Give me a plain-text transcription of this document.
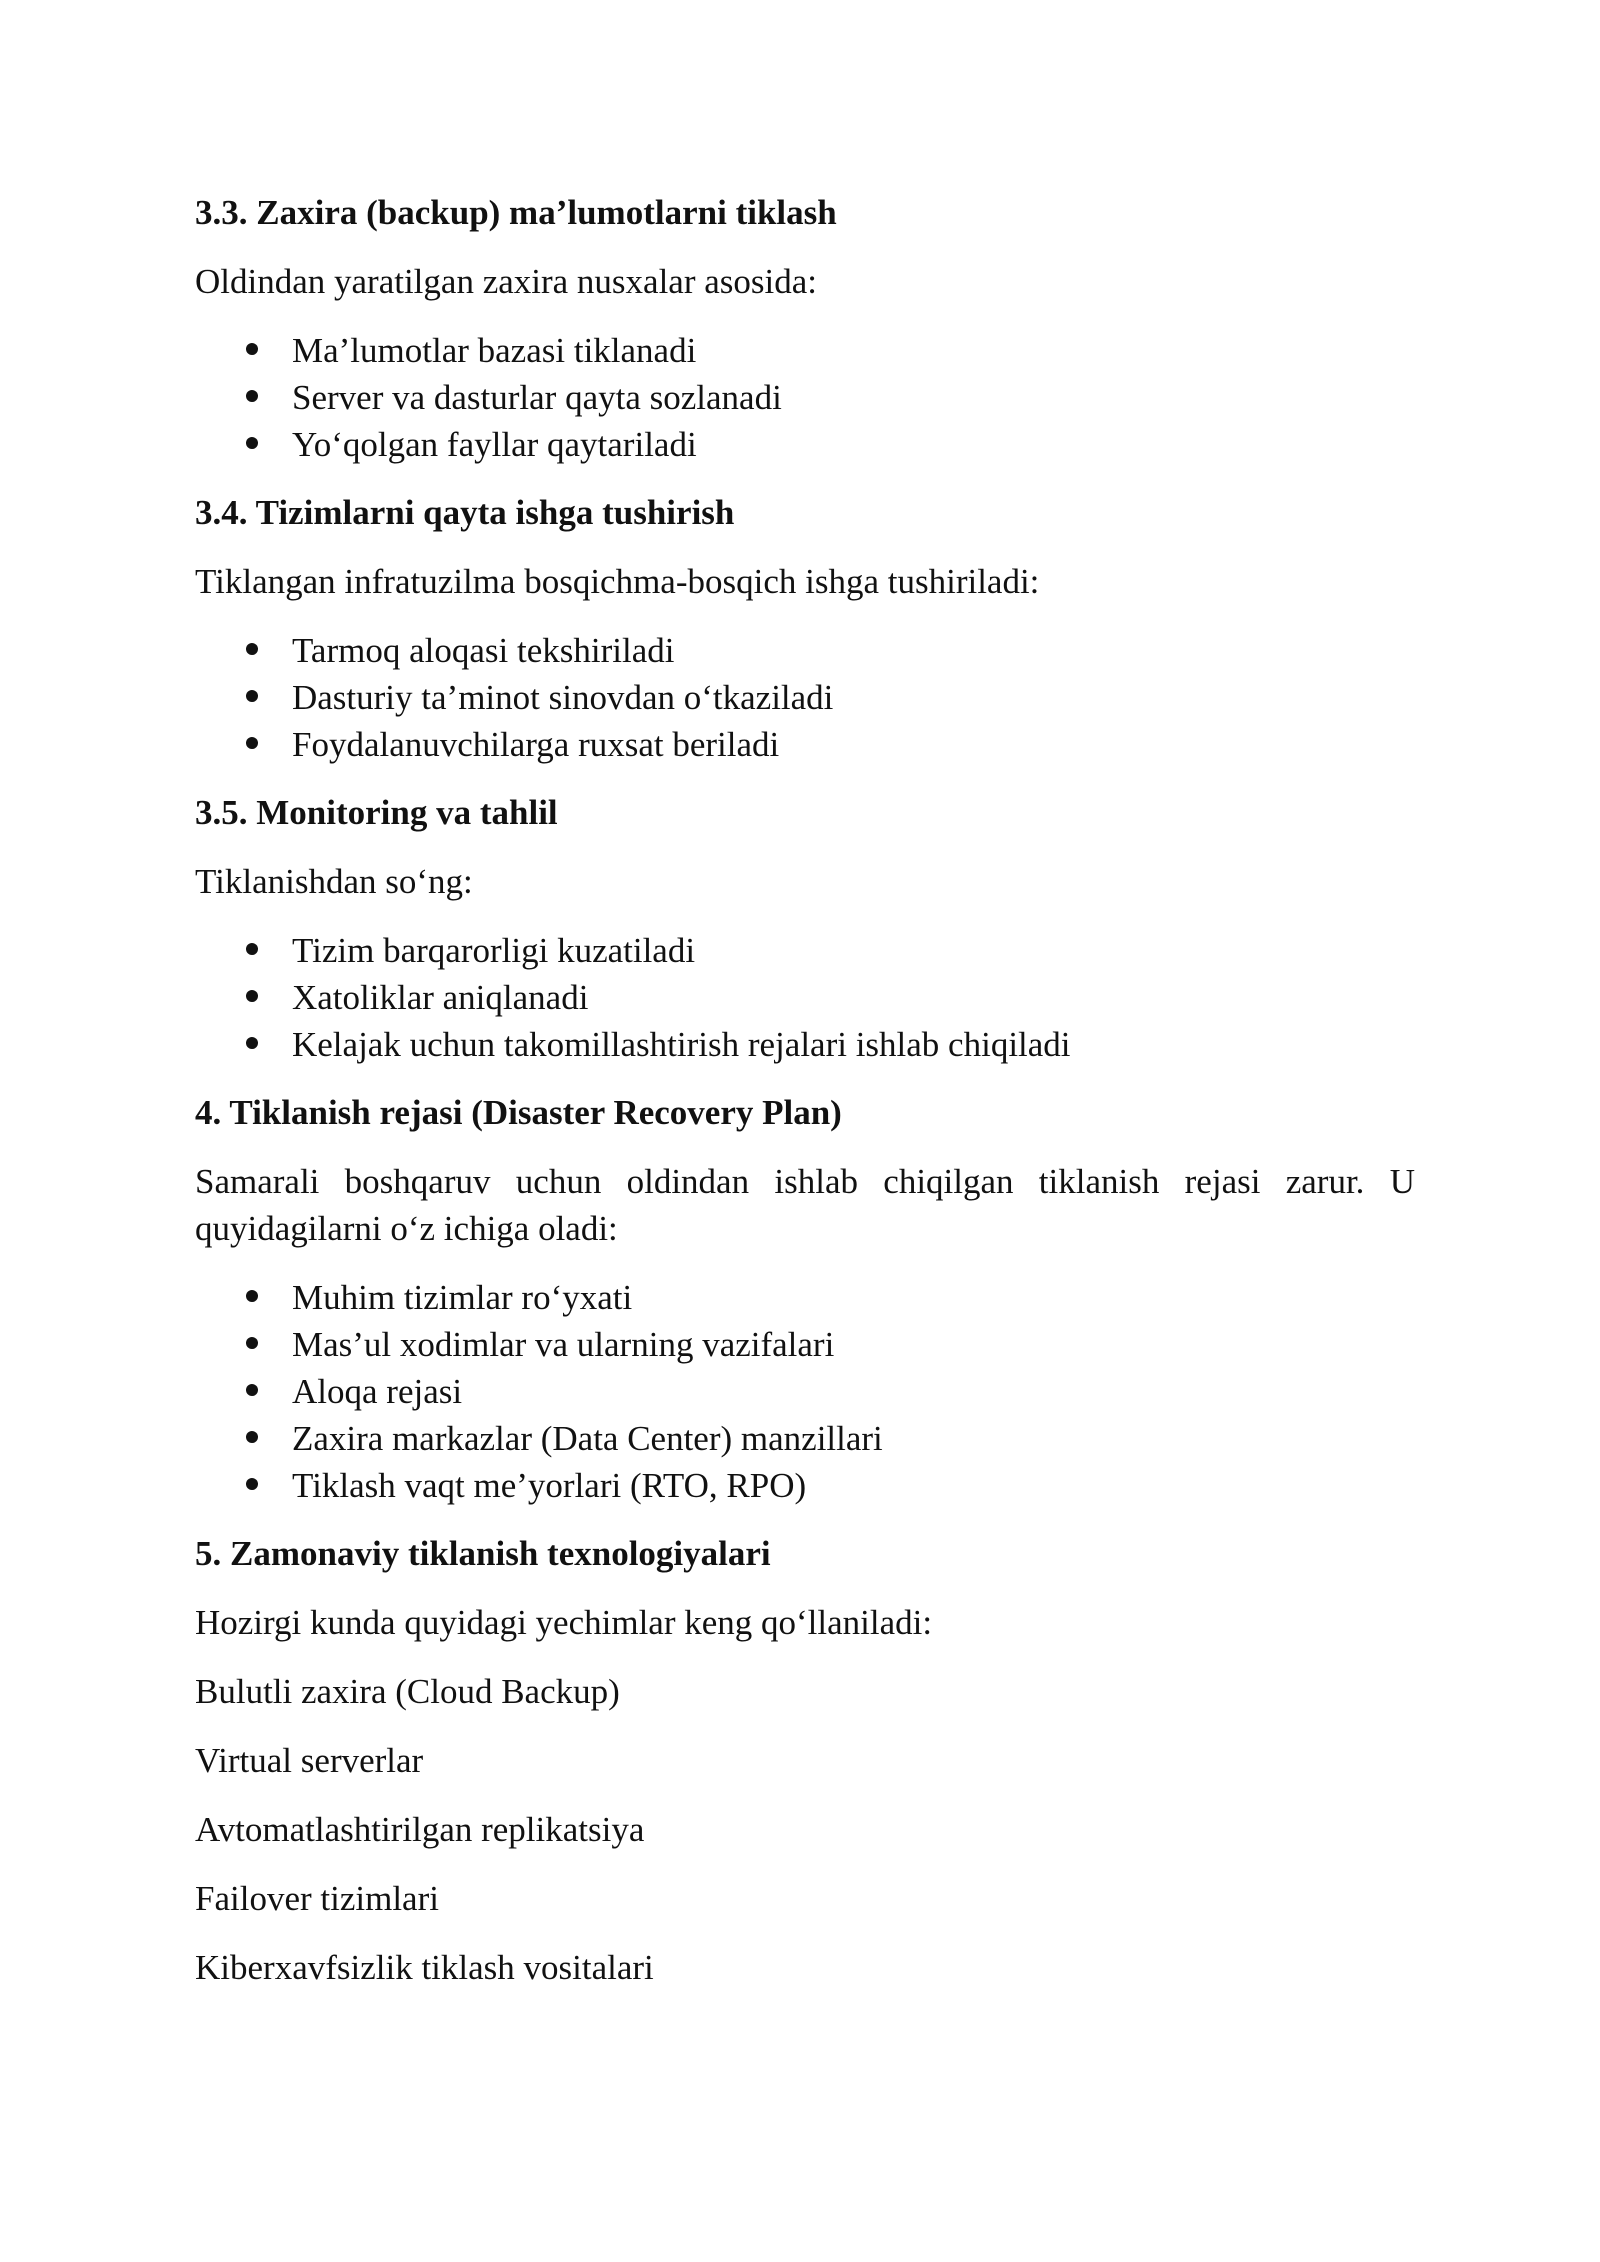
3.3. Zaxira (backup) ma’lumotlarni tiklash

Oldindan yaratilgan zaxira nusxalar asosida:

Ma’lumotlar bazasi tiklanadi
Server va dasturlar qayta sozlanadi
Yo‘qolgan fayllar qaytariladi
3.4. Tizimlarni qayta ishga tushirish

Tiklangan infratuzilma bosqichma-bosqich ishga tushiriladi:

Tarmoq aloqasi tekshiriladi
Dasturiy ta’minot sinovdan o‘tkaziladi
Foydalanuvchilarga ruxsat beriladi
3.5. Monitoring va tahlil

Tiklanishdan so‘ng:

Tizim barqarorligi kuzatiladi
Xatoliklar aniqlanadi
Kelajak uchun takomillashtirish rejalari ishlab chiqiladi
4. Tiklanish rejasi (Disaster Recovery Plan)

Samarali boshqaruv uchun oldindan ishlab chiqilgan tiklanish rejasi zarur. U quyidagilarni o‘z ichiga oladi:

Muhim tizimlar ro‘yxati
Mas’ul xodimlar va ularning vazifalari
Aloqa rejasi
Zaxira markazlar (Data Center) manzillari
Tiklash vaqt me’yorlari (RTO, RPO)
5. Zamonaviy tiklanish texnologiyalari

Hozirgi kunda quyidagi yechimlar keng qo‘llaniladi:

Bulutli zaxira (Cloud Backup)

Virtual serverlar

Avtomatlashtirilgan replikatsiya

Failover tizimlari

Kiberxavfsizlik tiklash vositalari
